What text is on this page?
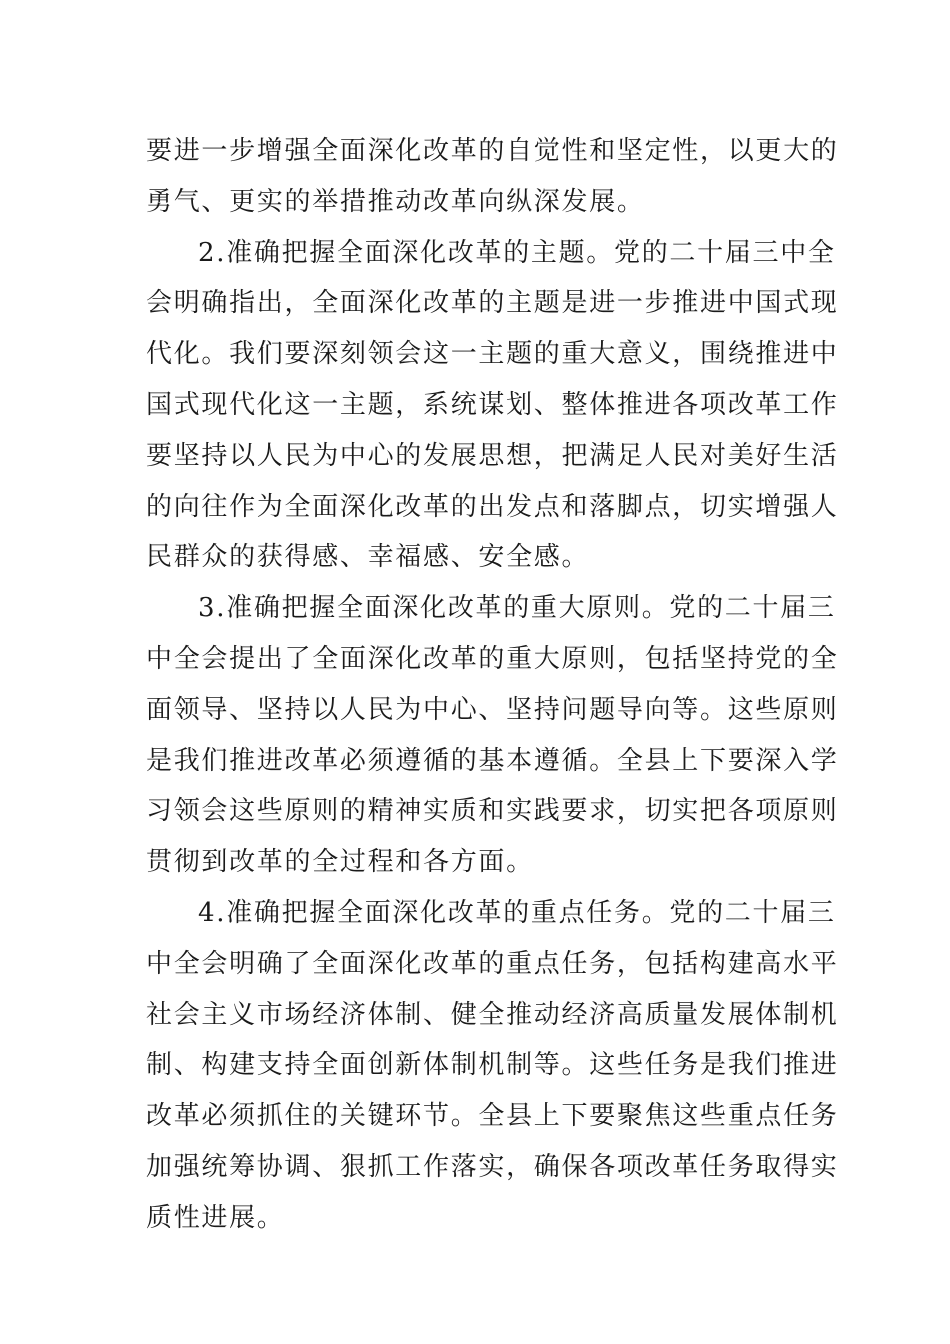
要进一步增强全面深化改革的自觉性和坚定性，以更大的
勇气、更实的举措推动改革向纵深发展。
2.准确把握全面深化改革的主题。党的二十届三中全
会明确指出，全面深化改革的主题是进一步推进中国式现
代化。我们要深刻领会这一主题的重大意义，围绕推进中
国式现代化这一主题，系统谋划、整体推进各项改革工作
要坚持以人民为中心的发展思想，把满足人民对美好生活
的向往作为全面深化改革的出发点和落脚点，切实增强人
民群众的获得感、幸福感、安全感。
3.准确把握全面深化改革的重大原则。党的二十届三
中全会提出了全面深化改革的重大原则，包括坚持党的全
面领导、坚持以人民为中心、坚持问题导向等。这些原则
是我们推进改革必须遵循的基本遵循。全县上下要深入学
习领会这些原则的精神实质和实践要求，切实把各项原则
贯彻到改革的全过程和各方面。
4.准确把握全面深化改革的重点任务。党的二十届三
中全会明确了全面深化改革的重点任务，包括构建高水平
社会主义市场经济体制、健全推动经济高质量发展体制机
制、构建支持全面创新体制机制等。这些任务是我们推进
改革必须抓住的关键环节。全县上下要聚焦这些重点任务
加强统筹协调、狠抓工作落实，确保各项改革任务取得实
质性进展。
